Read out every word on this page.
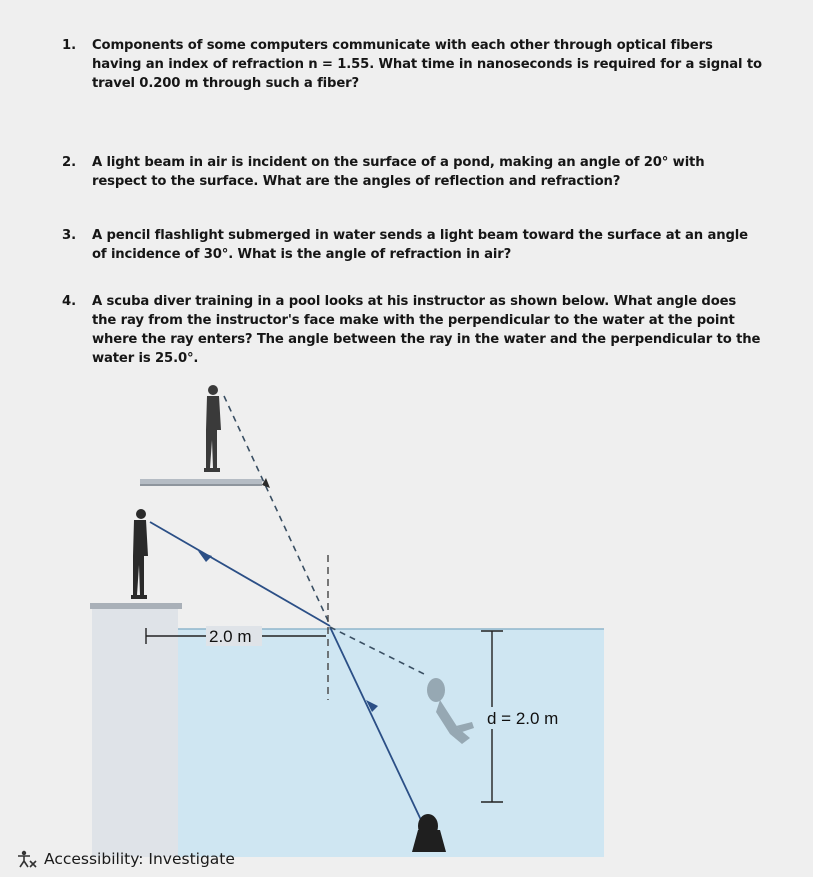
1.	Components of some computers communicate with each other through optical fibers having an index of refraction n = 1.55. What time in nanoseconds is required for a signal to travel 0.200 m through such a fiber?
2.	A light beam in air is incident on the surface of a pond, making an angle of 20° with respect to the surface. What are the angles of reflection and refraction?
3.	A pencil flashlight submerged in water sends a light beam toward the surface at an angle of incidence of 30°. What is the angle of refraction in air?
4.	A scuba diver training in a pool looks at his instructor as shown below. What angle does the ray from the instructor's face make with the perpendicular to the water at the point where the ray enters? The angle between the ray in the water and the perpendicular to the water is 25.0°.
2.0 m
d = 2.0 m
Accessibility: Investigate
